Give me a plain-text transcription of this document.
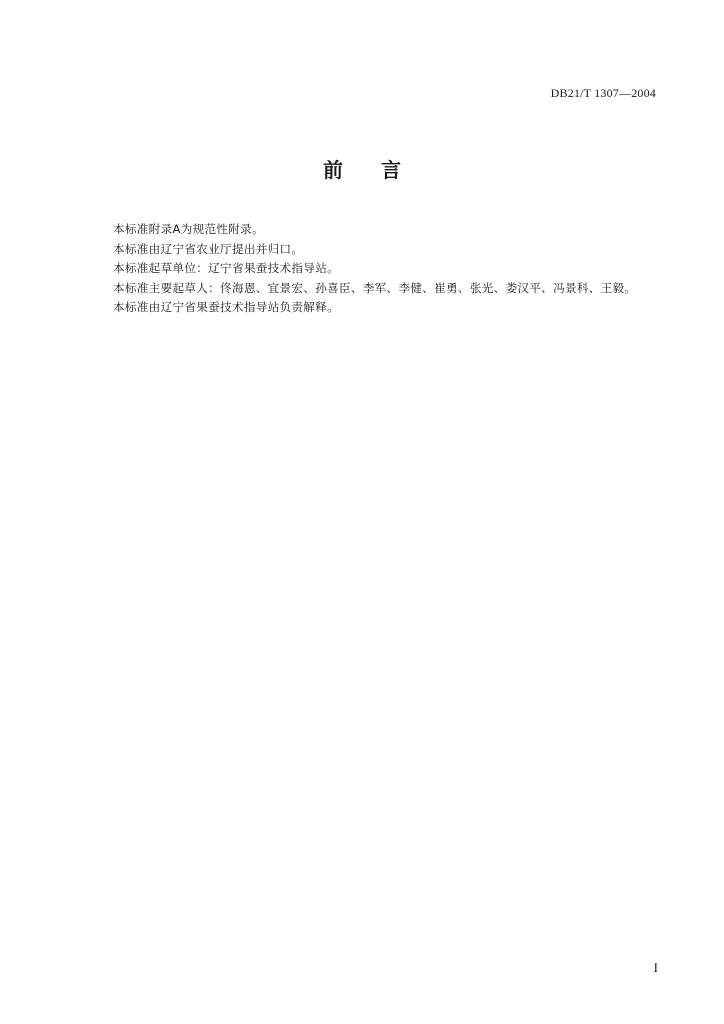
DB21/T 1307—2004
前 言
本标准附录A为规范性附录。
本标准由辽宁省农业厅提出并归口。
本标准起草单位：辽宁省果蚕技术指导站。
本标准主要起草人：佟海恩、宜景宏、孙喜臣、李军、李健、崔勇、张光、娄汉平、冯景科、王毅。
本标准由辽宁省果蚕技术指导站负责解释。
I
